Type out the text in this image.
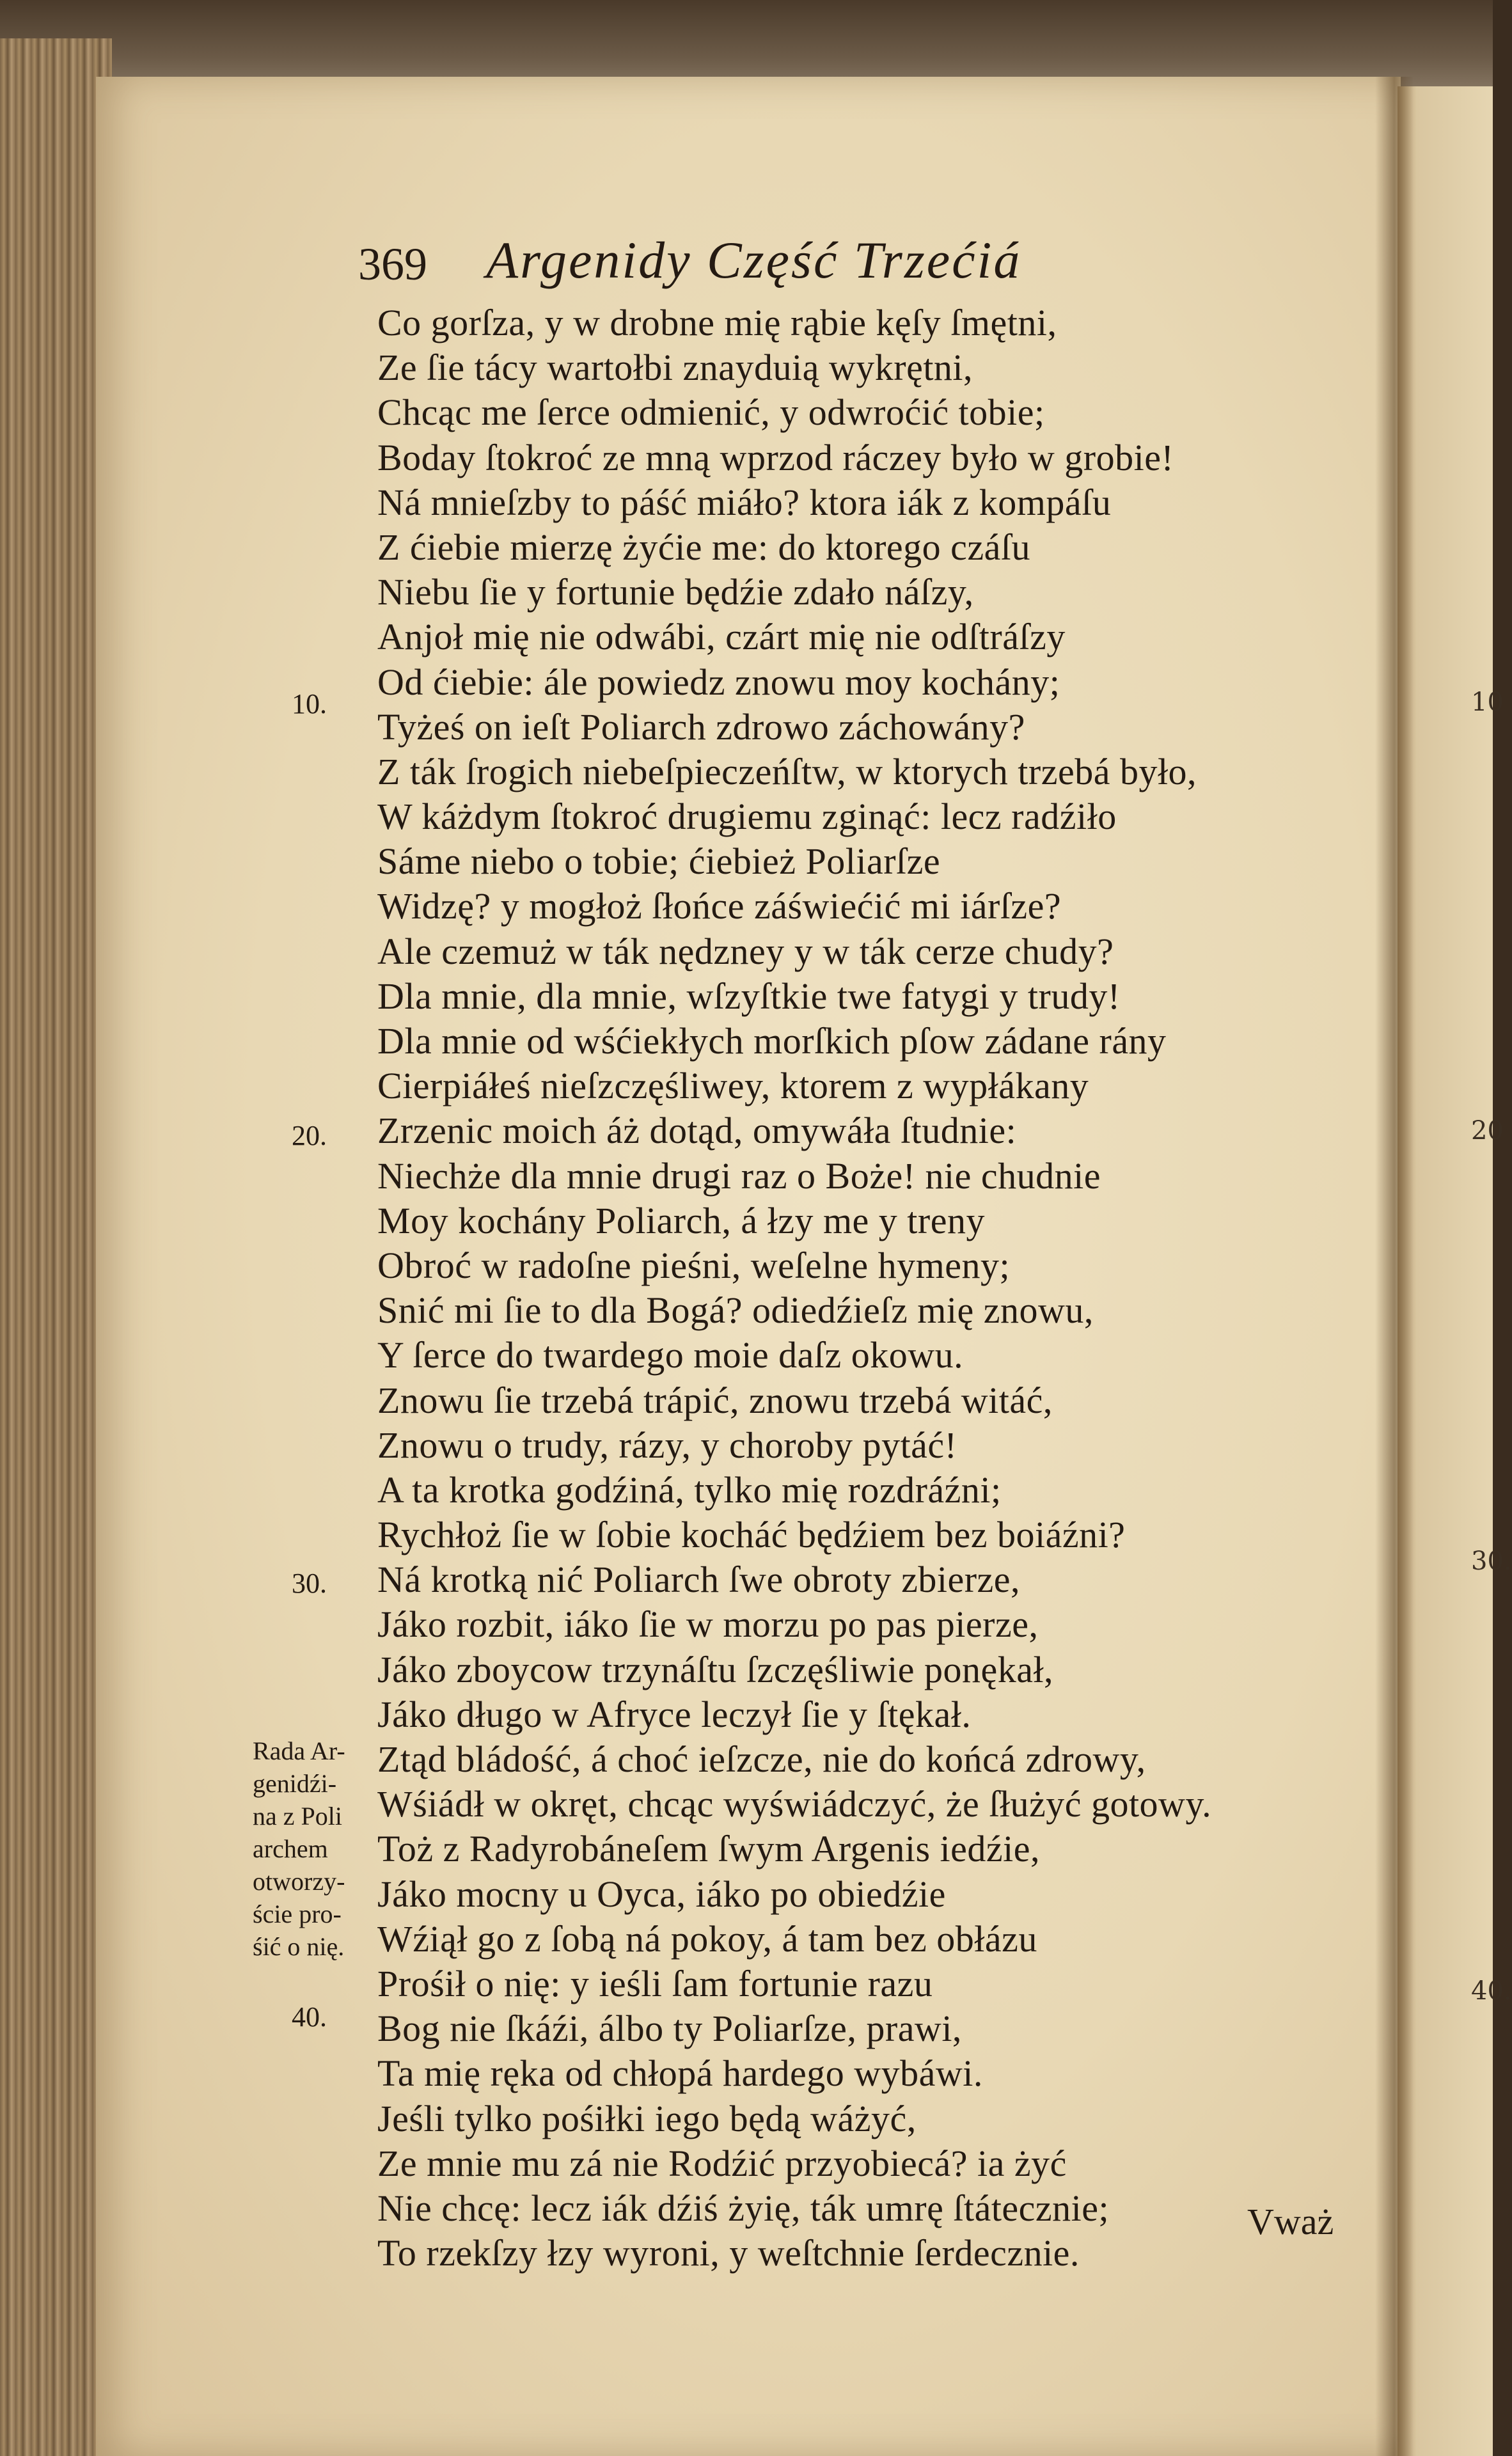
10
20
30.
40.
369 Argenidy Część Trzećiá
10.
20.
30.
40.
Co gorſza, y w drobne mię rąbie kęſy ſmętni,
Ze ſie tácy wartołbi znayduią wykrętni,
Chcąc me ſerce odmienić, y odwroćić tobie;
Boday ſtokroć ze mną wprzod ráczey było w grobie!
Ná mnieſzby to páść miáło? ktora iák z kompáſu
Z ćiebie mierzę żyćie me: do ktorego czáſu
Niebu ſie y fortunie będźie zdało náſzy,
Anjoł mię nie odwábi, czárt mię nie odſtráſzy
Od ćiebie: ále powiedz znowu moy kochány;
Tyżeś on ieſt Poliarch zdrowo záchowány?
Z ták ſrogich niebeſpieczeńſtw, w ktorych trzebá było,
W káżdym ſtokroć drugiemu zginąć: lecz radźiło
Sáme niebo o tobie; ćiebież Poliarſze
Widzę? y mogłoż ſłońce záświećić mi iárſze?
Ale czemuż w ták nędzney y w ták cerze chudy?
Dla mnie, dla mnie, wſzyſtkie twe fatygi y trudy!
Dla mnie od wśćiekłych morſkich pſow zádane rány
Cierpiáłeś nieſzczęśliwey, ktorem z wypłákany
Zrzenic moich áż dotąd, omywáła ſtudnie:
Niechże dla mnie drugi raz o Boże! nie chudnie
Moy kochány Poliarch, á łzy me y treny
Obroć w radoſne pieśni, weſelne hymeny;
Snić mi ſie to dla Bogá? odiedźieſz mię znowu,
Y ſerce do twardego moie daſz okowu.
Znowu ſie trzebá trápić, znowu trzebá witáć,
Znowu o trudy, rázy, y choroby pytáć!
A ta krotka godźiná, tylko mię rozdráźni;
Rychłoż ſie w ſobie kocháć będźiem bez boiáźni?
Ná krotką nić Poliarch ſwe obroty zbierze,
Jáko rozbit, iáko ſie w morzu po pas pierze,
Jáko zboycow trzynáſtu ſzczęśliwie ponękał,
Jáko długo w Afryce leczył ſie y ſtękał.
Ztąd bládość, á choć ieſzcze, nie do końcá zdrowy,
Wśiádł w okręt, chcąc wyświádczyć, że ſłużyć gotowy.
Toż z Radyrobáneſem ſwym Argenis iedźie,
Jáko mocny u Oyca, iáko po obiedźie
Wźiął go z ſobą ná pokoy, á tam bez obłázu
Prośił o nię: y ieśli ſam fortunie razu
Bog nie ſkáźi, álbo ty Poliarſze, prawi,
Ta mię ręka od chłopá hardego wybáwi.
Jeśli tylko pośiłki iego będą wáżyć,
Ze mnie mu zá nie Rodźić przyobiecá? ia żyć
Nie chcę: lecz iák dźiś żyię, ták umrę ſtátecznie;
To rzekſzy łzy wyroni, y weſtchnie ſerdecznie.
Rada Ar-
genidźi-
na z Poli
archem
otworzy-
ście pro-
śić o nię.
Vważ
